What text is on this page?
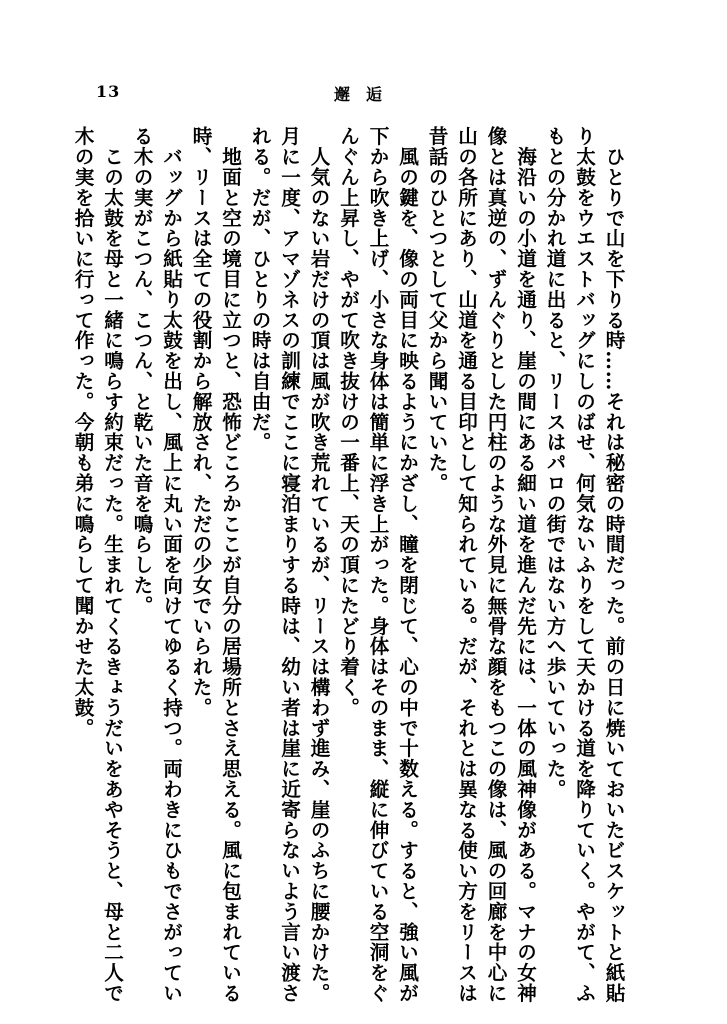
13	邂逅
　ひとりで山を下りる時……それは秘密の時間だった。前の日に焼いておいたビスケットと紙貼
り太鼓をウエストバッグにしのばせ、何気ないふりをして天かける道を降りていく。やがて、ふ
もとの分かれ道に出ると、リースはパロの街ではない方へ歩いていった。
　海沿いの小道を通り、崖の間にある細い道を進んだ先には、一体の風神像がある。マナの女神
像とは真逆の、ずんぐりとした円柱のような外見に無骨な顔をもつこの像は、風の回廊を中心に
山の各所にあり、山道を通る目印として知られている。だが、それとは異なる使い方をリースは
昔話のひとつとして父から聞いていた。
　風の鍵を、像の両目に映るようにかざし、瞳を閉じて、心の中で十数える。すると、強い風が
下から吹き上げ、小さな身体は簡単に浮き上がった。身体はそのまま、縦に伸びている空洞をぐ
んぐん上昇し、やがて吹き抜けの一番上、天の頂にたどり着く。
　人気のない岩だけの頂は風が吹き荒れているが、リースは構わず進み、崖のふちに腰かけた。
月に一度、アマゾネスの訓練でここに寝泊まりする時は、幼い者は崖に近寄らないよう言い渡さ
れる。だが、ひとりの時は自由だ。
　地面と空の境目に立つと、恐怖どころかここが自分の居場所とさえ思える。風に包まれている
時、リースは全ての役割から解放され、ただの少女でいられた。
　バッグから紙貼り太鼓を出し、風上に丸い面を向けてゆるく持つ。両わきにひもでさがってい
る木の実がこつん、こつん、と乾いた音を鳴らした。
　この太鼓を母と一緒に鳴らす約束だった。生まれてくるきょうだいをあやそうと、母と二人で
木の実を拾いに行って作った。今朝も弟に鳴らして聞かせた太鼓。
